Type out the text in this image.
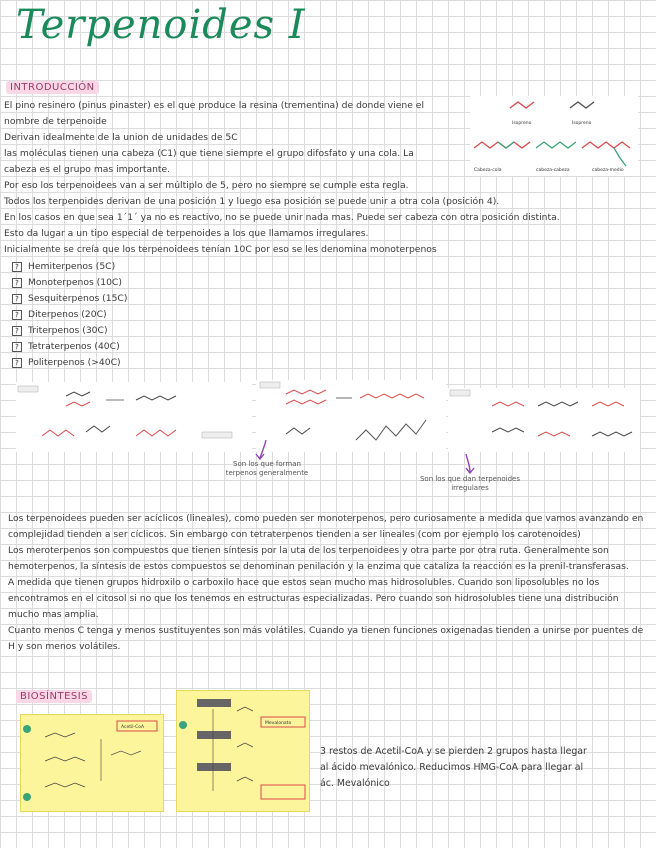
Terpenoides I
INTRODUCCIÓN

El pino resinero (pinus pinaster) es el que produce la resina (trementina) de donde viene el

nombre de terpenoide

Derivan idealmente de la union de unidades de 5C

las moléculas tienen una cabeza (C1) que tiene siempre el grupo difosfato y una cola. La

cabeza es el grupo mas importante.

Isopreno	Isopreno
Cabeza-cola	cabeza-cabeza	cabeza-medio

Por eso los terpenoidees van a ser múltiplo de 5, pero no siempre se cumple esta regla.

Todos los terpenoides derivan de una posición 1 y luego esa posición se puede unir a otra cola (posición 4).

En los casos en que sea 1´1´ ya no es reactivo, no se puede unir nada mas. Puede ser cabeza con otra posición distinta.

Esto da lugar a un tipo especial de terpenoides a los que llamamos irregulares.

Inicialmente se creía que los terpenoidees tenían 10C por eso se les denomina monoterpenos

? Hemiterpenos (5C)
? Monoterpenos (10C)
? Sesquiterpenos (15C)
? Diterpenos (20C)
? Triterpenos (30C)
? Tetraterpenos (40C)
? Politerpenos (>40C)
Son los que forman terpenos generalmente
Son los que dan terpenoides irregulares

Los terpenoidees pueden ser acíclicos (lineales), como pueden ser monoterpenos, pero curiosamente a medida que vamos avanzando en complejidad tienden a ser cíclicos. Sin embargo con tetraterpenos tienden a ser lineales (com por ejemplo los carotenoides)

Los meroterpenos son compuestos que tienen síntesis por la uta de los terpenoidees y otra parte por otra ruta. Generalmente son hemoterpenos, la síntesis de estos compuestos se denominan penilación y la enzima que cataliza la reacción es la prenil-transferasas.

A medida que tienen grupos hidroxilo o carboxilo hace que estos sean mucho mas hidrosolubles. Cuando son liposolubles no los encontramos en el citosol si no que los tenemos en estructuras especializadas. Pero cuando son hidrosolubles tiene una distribución mucho mas amplia.

Cuanto menos C tenga y menos sustituyentes son más volátiles. Cuando ya tienen funciones oxigenadas tienden a unirse por puentes de H y son menos volátiles.

BIOSÍNTESIS
Acetil-CoA
Mevalonato
3 restos de Acetil-CoA y se pierden 2 grupos hasta llegar al ácido mevalónico. Reducimos HMG-CoA para llegar al ác. Mevalónico
